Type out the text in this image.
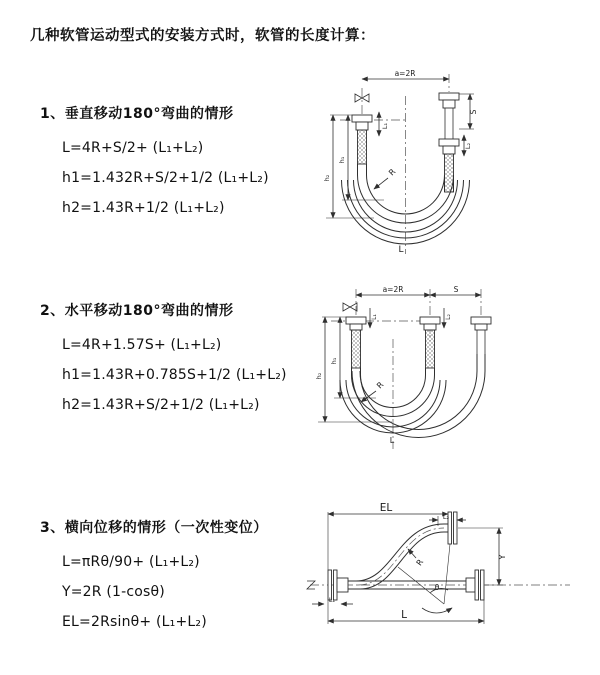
几种软管运动型式的安装方式时，软管的长度计算：
1、垂直移动180°弯曲的情形
L=4R+S/2+ (L₁+L₂)
h1=1.432R+S/2+1/2 (L₁+L₂)
h2=1.43R+1/2 (L₁+L₂)
a=2R
L₁
S
L₂
h₁
h₂
R
L
2、水平移动180°弯曲的情形
L=4R+1.57S+ (L₁+L₂)
h1=1.43R+0.785S+1/2 (L₁+L₂)
h2=1.43R+S/2+1/2 (L₁+L₂)
a=2R	S
L₁	L₂
h₁
h₂
R
L
3、横向位移的情形（一次性变位）
L=πRθ/90+ (L₁+L₂)
Y=2R (1-cosθ)
EL=2Rsinθ+ (L₁+L₂)
EL
L₂
Y
R
θ
L
L₁
